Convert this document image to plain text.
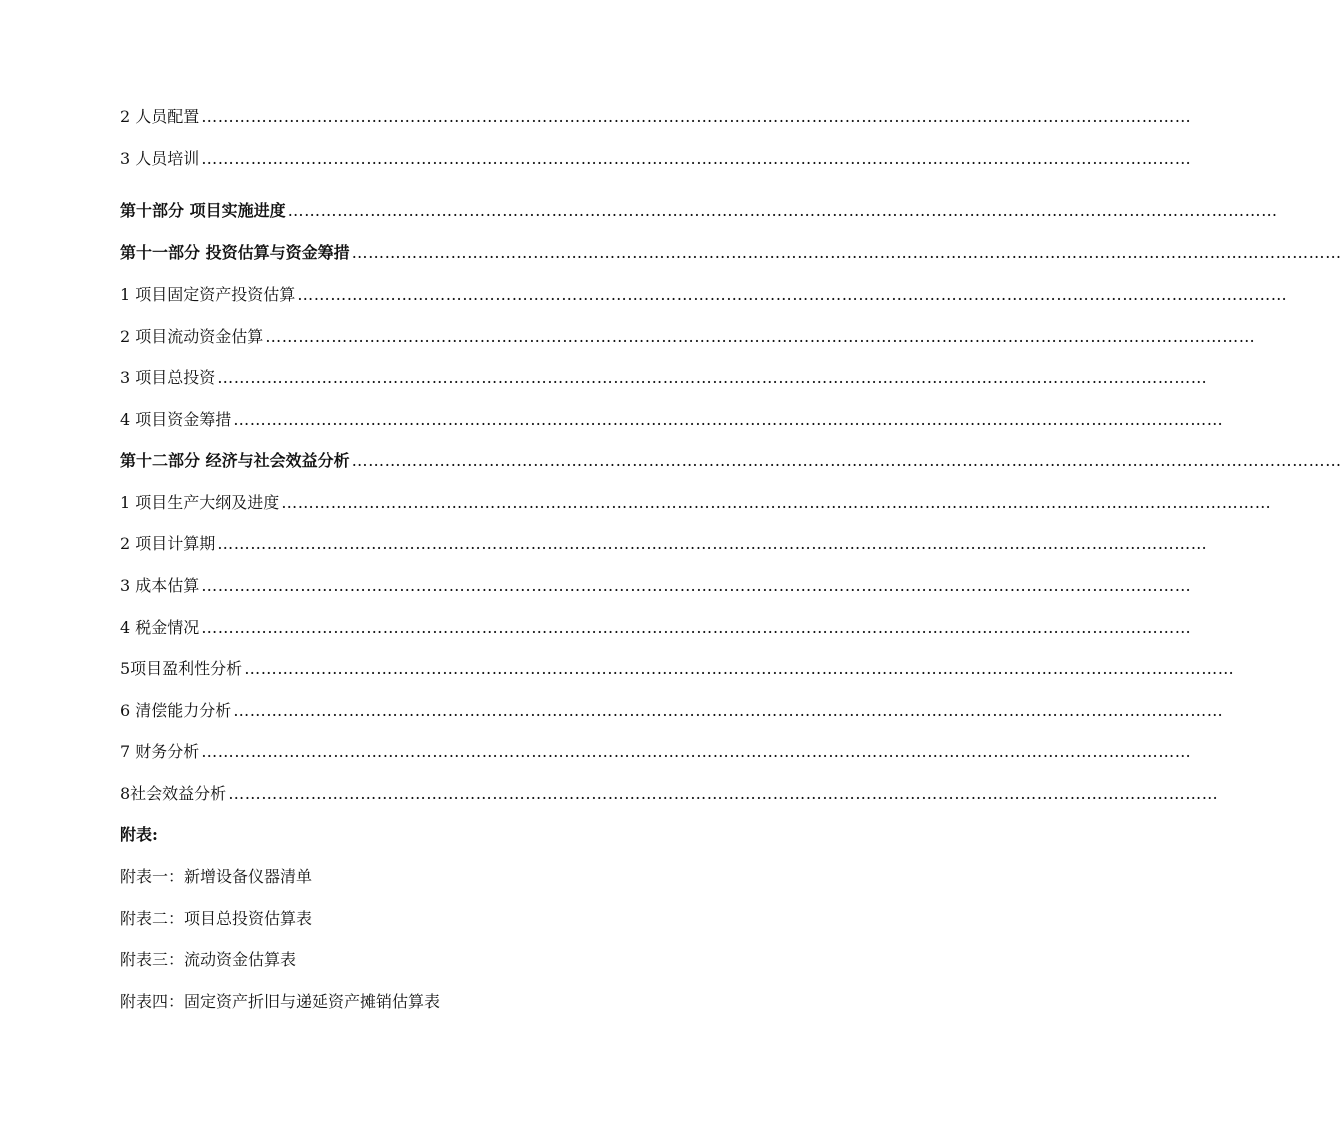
2 人员配置 ………………………………………………………………………………………………………………………………………………………………
3 人员培训 ………………………………………………………………………………………………………………………………………………………………
第十部分 项目实施进度 ………………………………………………………………………………………………………………………………………………………………
第十一部分 投资估算与资金筹措 ………………………………………………………………………………………………………………………………………………………………
1 项目固定资产投资估算 ………………………………………………………………………………………………………………………………………………………………
2 项目流动资金估算 ………………………………………………………………………………………………………………………………………………………………
3 项目总投资 ………………………………………………………………………………………………………………………………………………………………
4 项目资金筹措 ………………………………………………………………………………………………………………………………………………………………
第十二部分 经济与社会效益分析 ………………………………………………………………………………………………………………………………………………………………
1 项目生产大纲及进度 ………………………………………………………………………………………………………………………………………………………………
2 项目计算期 ………………………………………………………………………………………………………………………………………………………………
3 成本估算 ………………………………………………………………………………………………………………………………………………………………
4 税金情况 ………………………………………………………………………………………………………………………………………………………………
5项目盈利性分析 ………………………………………………………………………………………………………………………………………………………………
6 清偿能力分析 ………………………………………………………………………………………………………………………………………………………………
7 财务分析 ………………………………………………………………………………………………………………………………………………………………
8社会效益分析 ………………………………………………………………………………………………………………………………………………………………
附表:
附表一：新增设备仪器清单
附表二：项目总投资估算表
附表三：流动资金估算表
附表四：固定资产折旧与递延资产摊销估算表
